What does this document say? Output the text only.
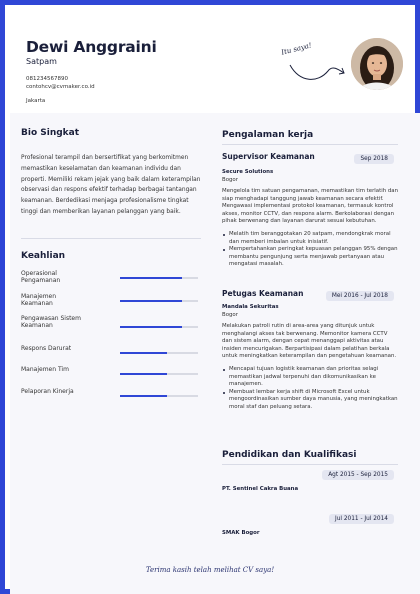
Dewi Anggraini
Satpam
081234567890
contohcv@cvmaker.co.id
Jakarta
Itu saya!
Bio Singkat
Profesional terampil dan bersertifikat yang berkomitmen memastikan keselamatan dan keamanan individu dan properti. Memiliki rekam jejak yang baik dalam keterampilan observasi dan respons efektif terhadap berbagai tantangan keamanan. Berdedikasi menjaga profesionalisme tingkat tinggi dan memberikan layanan pelanggan yang baik.
Keahlian
Operasional Pengamanan
Manajemen Keamanan
Pengawasan Sistem Keamanan
Respons Darurat
Manajemen Tim
Pelaporan Kinerja
Pengalaman kerja
Supervisor Keamanan	Sep 2018
Secure Solutions
Bogor

Mengelola tim satuan pengamanan, memastikan tim terlatih dan siap menghadapi tanggung jawab keamanan secara efektif. Mengawasi implementasi protokol keamanan, termasuk kontrol akses, monitor CCTV, dan respons alarm. Berkolaborasi dengan pihak berwenang dan layanan darurat sesuai kebutuhan.

Melatih tim beranggotakan 20 satpam, mendongkrak moral dan memberi imbalan untuk inisiatif.
Mempertahankan peringkat kepuasan pelanggan 95% dengan membantu pengunjung serta menjawab pertanyaan atau mengatasi masalah.
Petugas Keamanan	Mei 2016 - Jul 2018
Mandala Sekuritas
Bogor

Melakukan patroli rutin di area-area yang ditunjuk untuk menghalangi akses tak berwenang. Memonitor kamera CCTV dan sistem alarm, dengan cepat menanggapi aktivitas atau insiden mencurigakan. Berpartisipasi dalam pelatihan berkala untuk meningkatkan keterampilan dan pengetahuan keamanan.

Mencapai tujuan logistik keamanan dan prioritas selagi memastikan jadwal terpenuhi dan dikomunikasikan ke manajemen.
Membuat lembar kerja shift di Microsoft Excel untuk mengoordinasikan sumber daya manusia, yang meningkatkan moral staf dan peluang setara.
Pendidikan dan Kualifikasi
Agt 2015 - Sep 2015
PT. Sentinel Cakra Buana
Jul 2011 - Jul 2014
SMAK Bogor
Terima kasih telah melihat CV saya!
